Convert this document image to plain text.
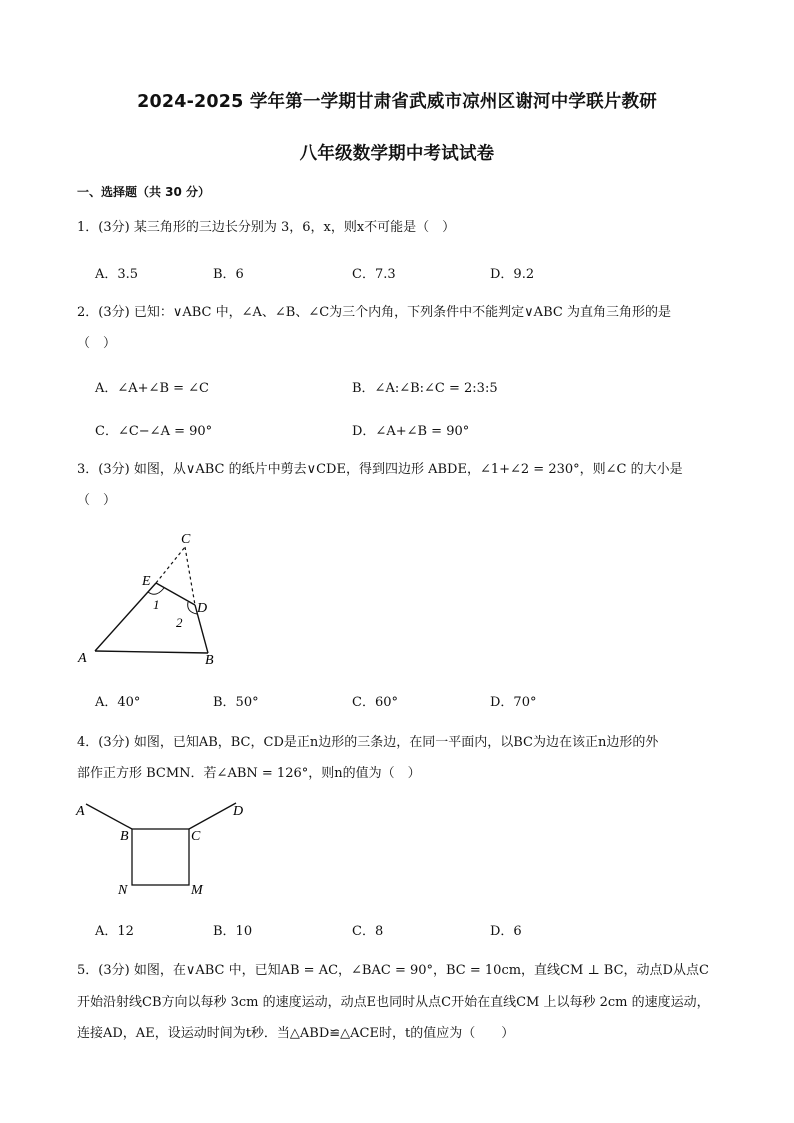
2024-2025 学年第一学期甘肃省武威市凉州区谢河中学联片教研
八年级数学期中考试试卷
一、选择题（共 30 分）
1．(3分) 某三角形的三边长分别为 3，6，x，则x不可能是（　）
A．3.5	B．6	C．7.3	D．9.2
2．(3分) 已知：∨ABC 中，∠A、∠B、∠C为三个内角，下列条件中不能判定∨ABC 为直角三角形的是
（　）
A．∠A+∠B = ∠C	B．∠A:∠B:∠C = 2:3:5
C．∠C−∠A = 90°	D．∠A+∠B = 90°
3．(3分) 如图，从∨ABC 的纸片中剪去∨CDE，得到四边形 ABDE，∠1+∠2 = 230°，则∠C 的大小是
（　）
C
E
D
1
2
A	B
A．40°	B．50°	C．60°	D．70°
4．(3分) 如图，已知AB，BC，CD是正n边形的三条边，在同一平面内，以BC为边在该正n边形的外
部作正方形 BCMN．若∠ABN = 126°，则n的值为（　）
A	D
B	C
N	M
A．12	B．10	C．8	D．6
5．(3分) 如图，在∨ABC 中，已知AB = AC，∠BAC = 90°，BC = 10cm，直线CM ⊥ BC，动点D从点C
开始沿射线CB方向以每秒 3cm 的速度运动，动点E也同时从点C开始在直线CM 上以每秒 2cm 的速度运动，
连接AD，AE，设运动时间为t秒．当△ABD≌△ACE时，t的值应为（　　）
